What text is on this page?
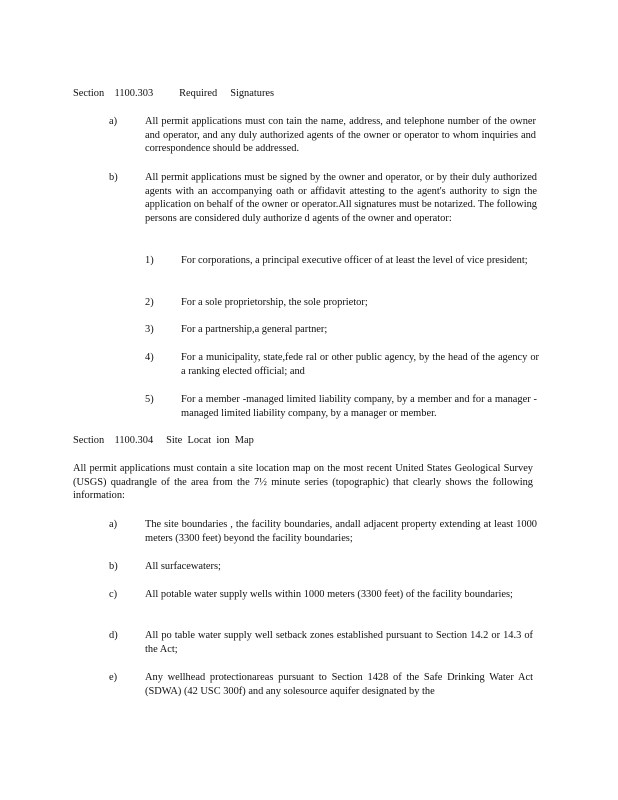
Section    1100.303          Required     Signatures
a)	All permit applications must con tain the name, address, and telephone number of the owner and operator, and any duly authorized agents of the owner or operator to whom inquiries and correspondence should be addressed.
b)	All permit applications must be signed by the owner and operator, or by their duly authorized agents with an accompanying oath or affidavit attesting to the agent's authority to sign the application on behalf of the owner or operator.All signatures must be notarized. The following persons are considered duly authorize d agents of the owner and operator:
1)	For corporations, a principal executive officer of at least the level of vice president;
2)	For a sole proprietorship, the sole proprietor;
3)	For a partnership,a general partner;
4)	For a municipality, state,fede ral or other public agency, by the head of the agency or a ranking elected official; and
5)	For a member -managed limited liability company, by a member and for a manager -managed limited liability company, by a manager or member.
Section    1100.304     Site  Locat  ion  Map
All permit applications must contain a site location map on the most recent United States Geological Survey (USGS) quadrangle of the area from the 7½ minute series (topographic) that clearly shows the following information:
a)	The site boundaries , the facility boundaries, andall adjacent property extending at least 1000 meters (3300 feet) beyond the facility boundaries;
b)	All surfacewaters;
c)	All potable water supply wells within 1000 meters (3300 feet) of the facility boundaries;
d)	All po table water supply well setback zones established pursuant to Section 14.2 or 14.3 of the Act;
e)	Any wellhead protectionareas pursuant to Section 1428 of the Safe Drinking Water Act (SDWA) (42 USC 300f) and any solesource aquifer designated by the
